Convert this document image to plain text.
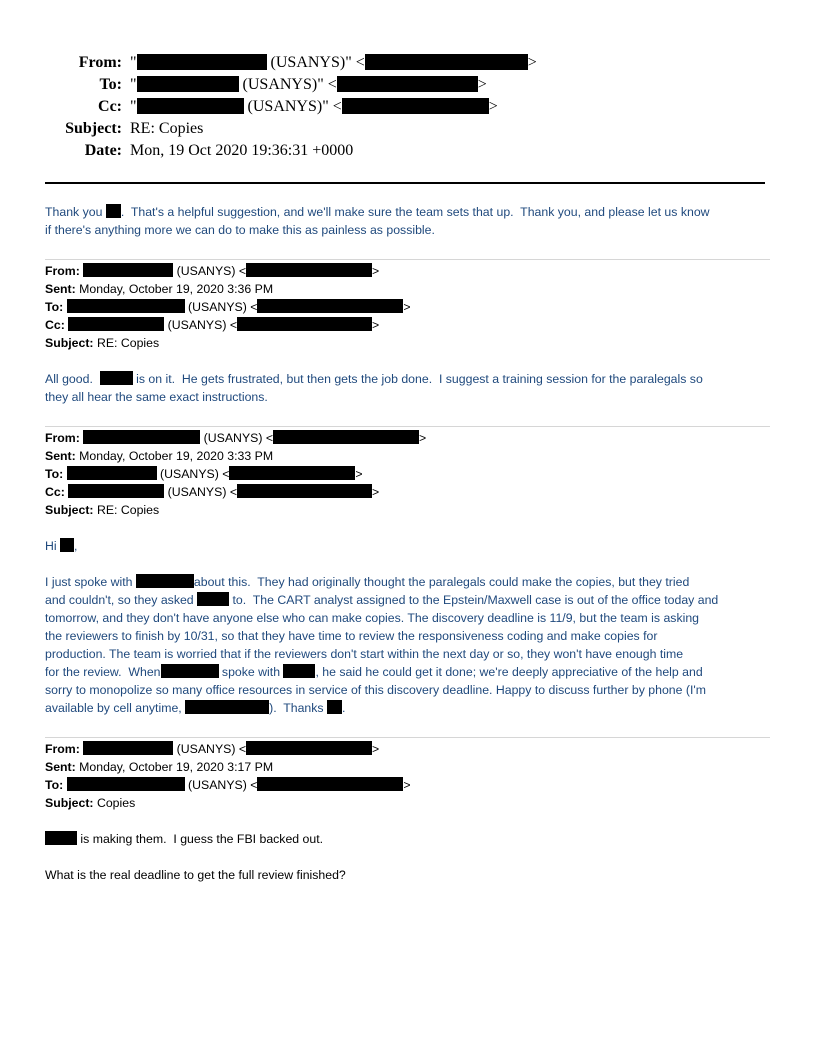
From: "	(USANYS)" <	>
To: "	(USANYS)" <	>
Cc: "	(USANYS)" <	>
Subject: RE: Copies
Date: Mon, 19 Oct 2020 19:36:31 +0000
Thank you .  That's a helpful suggestion, and we'll make sure the team sets that up.  Thank you, and please let us know
if there's anything more we can do to make this as painless as possible.
From:	(USANYS) <	>
Sent: Monday, October 19, 2020 3:36 PM
To:	(USANYS) <	>
Cc:	(USANYS) <	>
Subject: RE: Copies
All good.	is on it.  He gets frustrated, but then gets the job done.  I suggest a training session for the paralegals so
they all hear the same exact instructions.
From:	(USANYS) <	>
Sent: Monday, October 19, 2020 3:33 PM
To:	(USANYS) <	>
Cc:	(USANYS) <	>
Subject: RE: Copies
Hi ,
I just spoke with	about this.  They had originally thought the paralegals could make the copies, but they tried
and couldn't, so they asked	to.  The CART analyst assigned to the Epstein/Maxwell case is out of the office today and
tomorrow, and they don't have anyone else who can make copies. The discovery deadline is 11/9, but the team is asking
the reviewers to finish by 10/31, so that they have time to review the responsiveness coding and make copies for
production. The team is worried that if the reviewers don't start within the next day or so, they won't have enough time
for the review.  When	spoke with	, he said he could get it done; we're deeply appreciative of the help and
sorry to monopolize so many office resources in service of this discovery deadline. Happy to discuss further by phone (I'm
available by cell anytime,	).  Thanks .
From:	(USANYS) <	>
Sent: Monday, October 19, 2020 3:17 PM
To:	(USANYS) <	>
Subject: Copies
is making them.  I guess the FBI backed out.
What is the real deadline to get the full review finished?
